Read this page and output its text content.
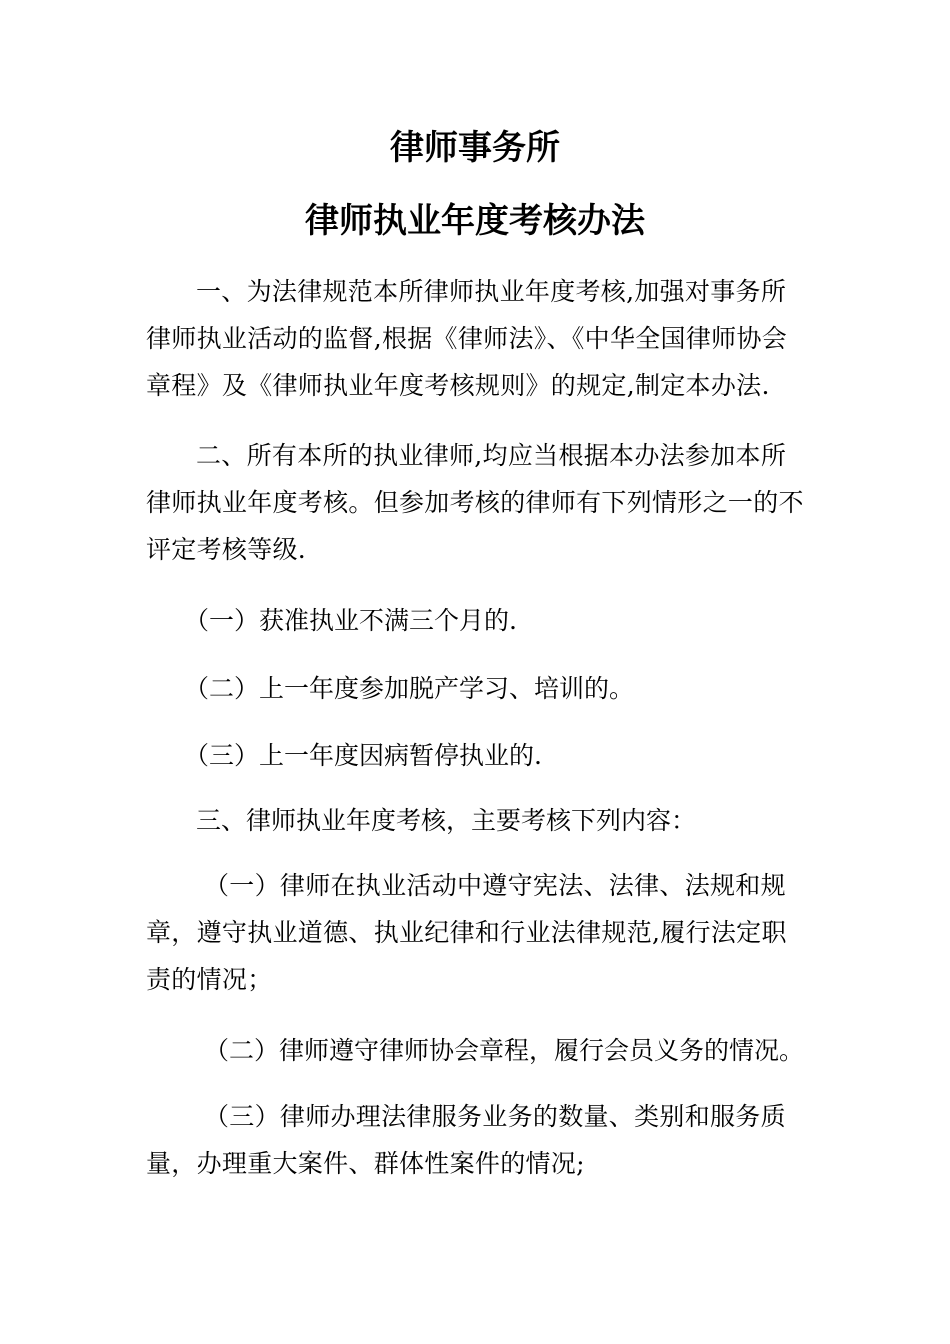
律师事务所
律师执业年度考核办法
一、为法律规范本所律师执业年度考核,加强对事务所律师执业活动的监督,根据《律师法》、《中华全国律师协会章程》及《律师执业年度考核规则》的规定,制定本办法.
二、所有本所的执业律师,均应当根据本办法参加本所律师执业年度考核。但参加考核的律师有下列情形之一的不评定考核等级.
（一）获准执业不满三个月的.
（二）上一年度参加脱产学习、培训的。
（三）上一年度因病暂停执业的.
三、律师执业年度考核，主要考核下列内容：
（一）律师在执业活动中遵守宪法、法律、法规和规章，遵守执业道德、执业纪律和行业法律规范,履行法定职责的情况；
（二）律师遵守律师协会章程，履行会员义务的情况。
（三）律师办理法律服务业务的数量、类别和服务质量，办理重大案件、群体性案件的情况;
